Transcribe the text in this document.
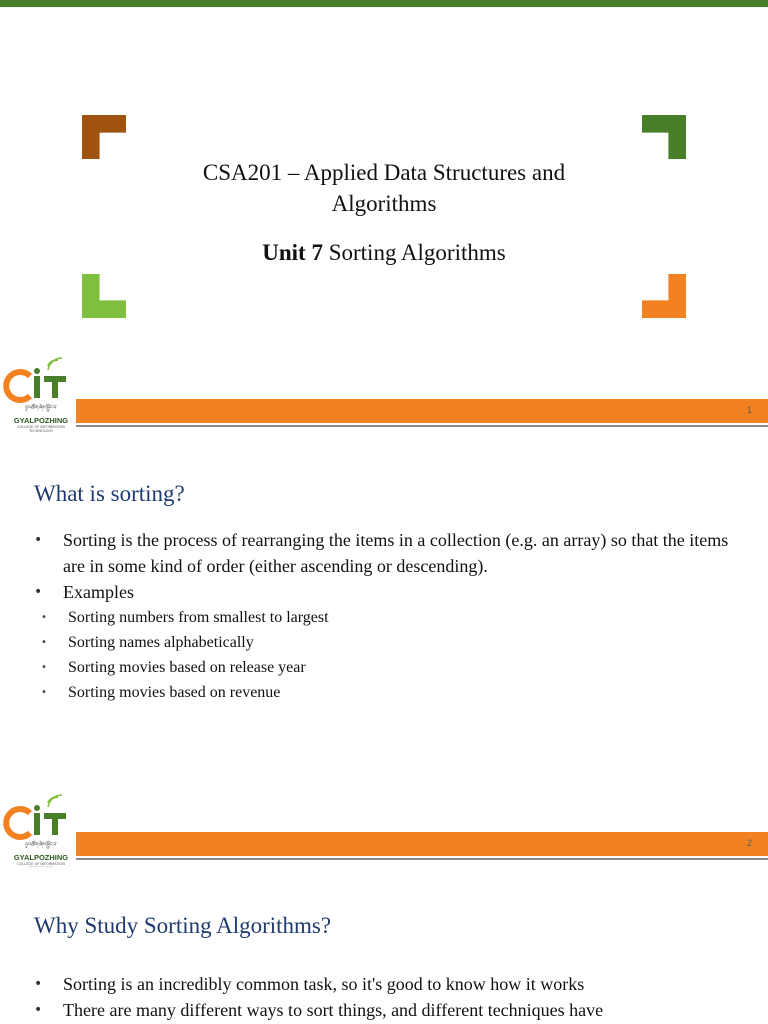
CSA201 – Applied Data Structures and
Algorithms
Unit 7 Sorting Algorithms
ཉྭ་ལཚོག་ཞེས་སྦྱོར་བ་
GYALPOZHING
COLLEGE OF INFORMATION TECHNOLOGY
1
What is sorting?
• Sorting is the process of rearranging the items in a collection (e.g. an array) so that the items are in some kind of order (either ascending or descending).
• Examples
• Sorting numbers from smallest to largest
• Sorting names alphabetically
• Sorting movies based on release year
• Sorting movies based on revenue
ཉྭ་ལཚོག་ཞེས་སྦྱོར་བ་
GYALPOZHING
COLLEGE OF INFORMATION
2
Why Study Sorting Algorithms?
• Sorting is an incredibly common task, so it's good to know how it works
• There are many different ways to sort things, and different techniques have
